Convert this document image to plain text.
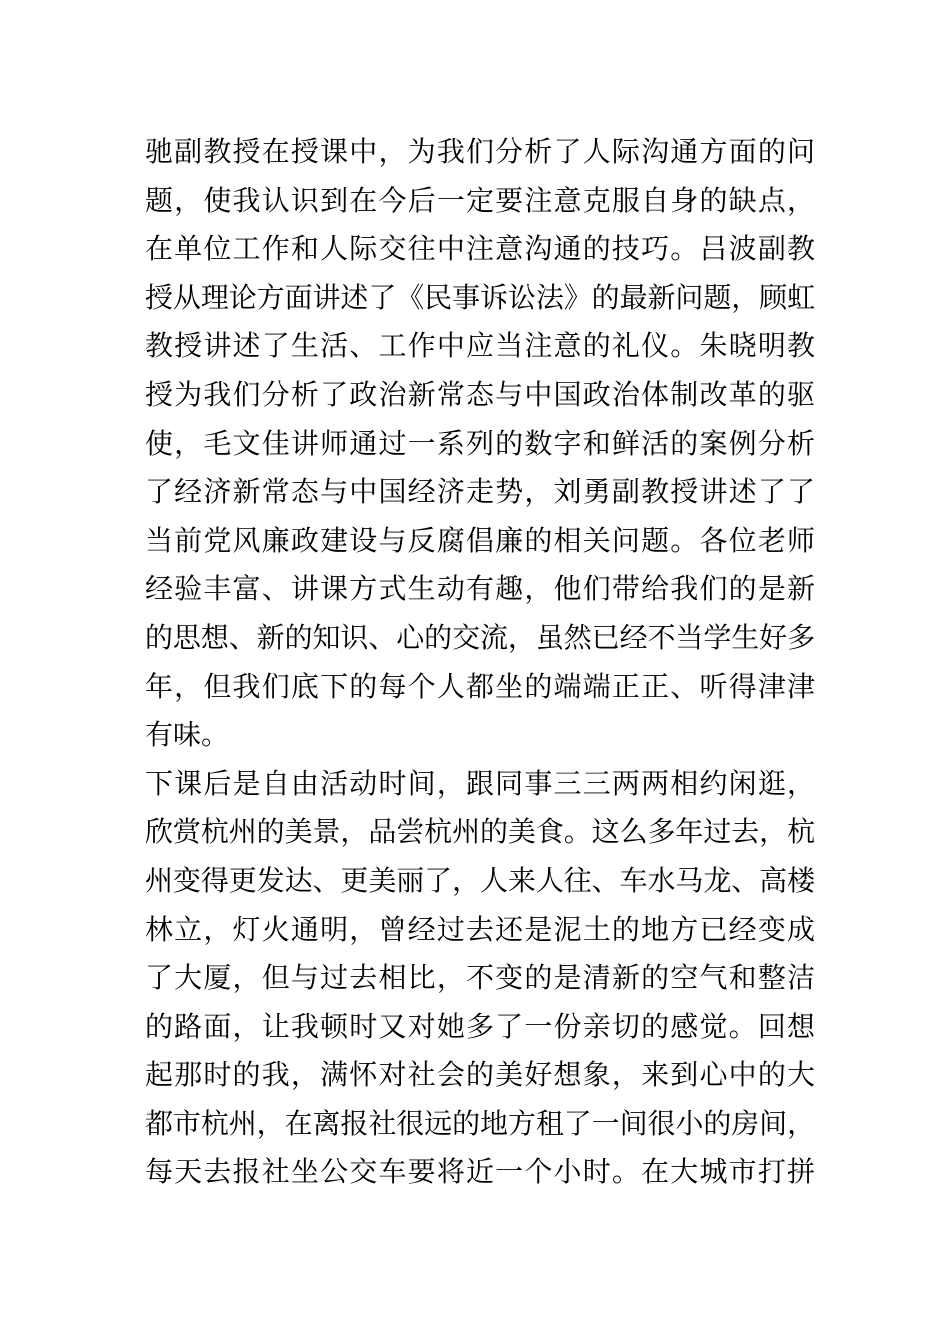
驰副教授在授课中，为我们分析了人际沟通方面的问
题，使我认识到在今后一定要注意克服自身的缺点，
在单位工作和人际交往中注意沟通的技巧。吕波副教
授从理论方面讲述了《民事诉讼法》的最新问题，顾虹
教授讲述了生活、工作中应当注意的礼仪。朱晓明教
授为我们分析了政治新常态与中国政治体制改革的驱
使，毛文佳讲师通过一系列的数字和鲜活的案例分析
了经济新常态与中国经济走势，刘勇副教授讲述了了
当前党风廉政建设与反腐倡廉的相关问题。各位老师
经验丰富、讲课方式生动有趣，他们带给我们的是新
的思想、新的知识、心的交流，虽然已经不当学生好多
年，但我们底下的每个人都坐的端端正正、听得津津
有味。
下课后是自由活动时间，跟同事三三两两相约闲逛，
欣赏杭州的美景，品尝杭州的美食。这么多年过去，杭
州变得更发达、更美丽了，人来人往、车水马龙、高楼
林立，灯火通明，曾经过去还是泥土的地方已经变成
了大厦，但与过去相比，不变的是清新的空气和整洁
的路面，让我顿时又对她多了一份亲切的感觉。回想
起那时的我，满怀对社会的美好想象，来到心中的大
都市杭州，在离报社很远的地方租了一间很小的房间，
每天去报社坐公交车要将近一个小时。在大城市打拼
